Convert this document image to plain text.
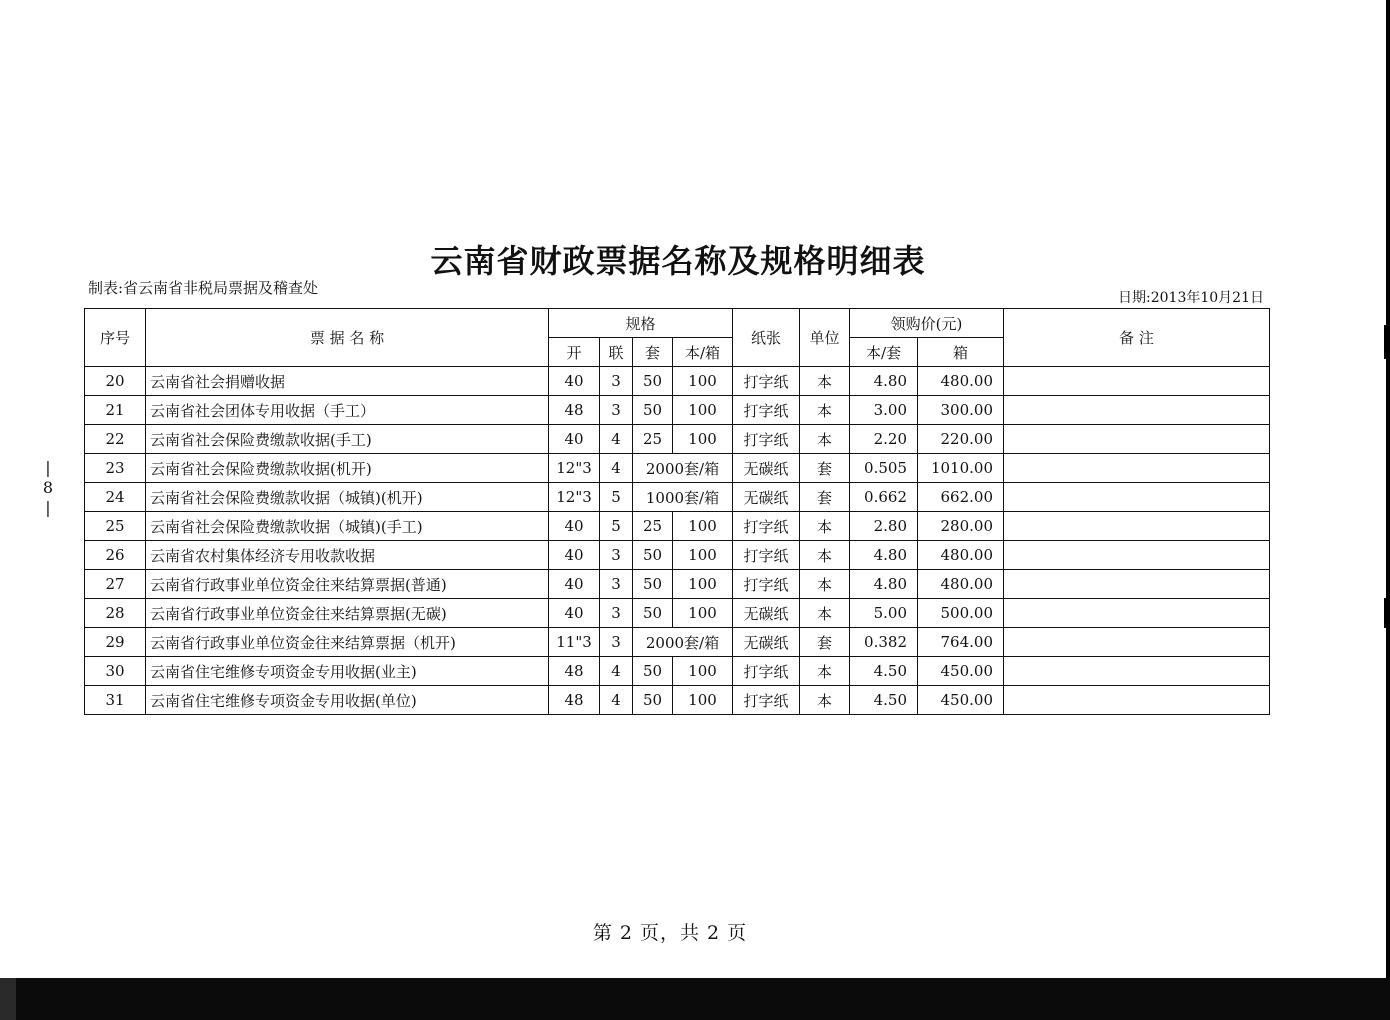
云南省财政票据名称及规格明细表
制表:省云南省非税局票据及稽查处
日期:2013年10月21日
序号	票 据 名 称	规格				纸张	单位	领购价(元)		备 注
		开	联	套	本/箱			本/套	箱	
20	云南省社会捐赠收据	40	3	50	100	打字纸	本	4.80	480.00	
21	云南省社会团体专用收据（手工）	48	3	50	100	打字纸	本	3.00	300.00	
22	云南省社会保险费缴款收据(手工)	40	4	25	100	打字纸	本	2.20	220.00	
23	云南省社会保险费缴款收据(机开)	12"3	4	2000套/箱		无碳纸	套	0.505	1010.00	
24	云南省社会保险费缴款收据（城镇)(机开)	12"3	5	1000套/箱		无碳纸	套	0.662	662.00	
25	云南省社会保险费缴款收据（城镇)(手工)	40	5	25	100	打字纸	本	2.80	280.00	
26	云南省农村集体经济专用收款收据	40	3	50	100	打字纸	本	4.80	480.00	
27	云南省行政事业单位资金往来结算票据(普通)	40	3	50	100	打字纸	本	4.80	480.00	
28	云南省行政事业单位资金往来结算票据(无碳)	40	3	50	100	无碳纸	本	5.00	500.00	
29	云南省行政事业单位资金往来结算票据（机开)	11"3	3	2000套/箱		无碳纸	套	0.382	764.00	
30	云南省住宅维修专项资金专用收据(业主)	48	4	50	100	打字纸	本	4.50	450.00	
31	云南省住宅维修专项资金专用收据(单位)	48	4	50	100	打字纸	本	4.50	450.00	
|
8
|
第 2 页，共 2 页
